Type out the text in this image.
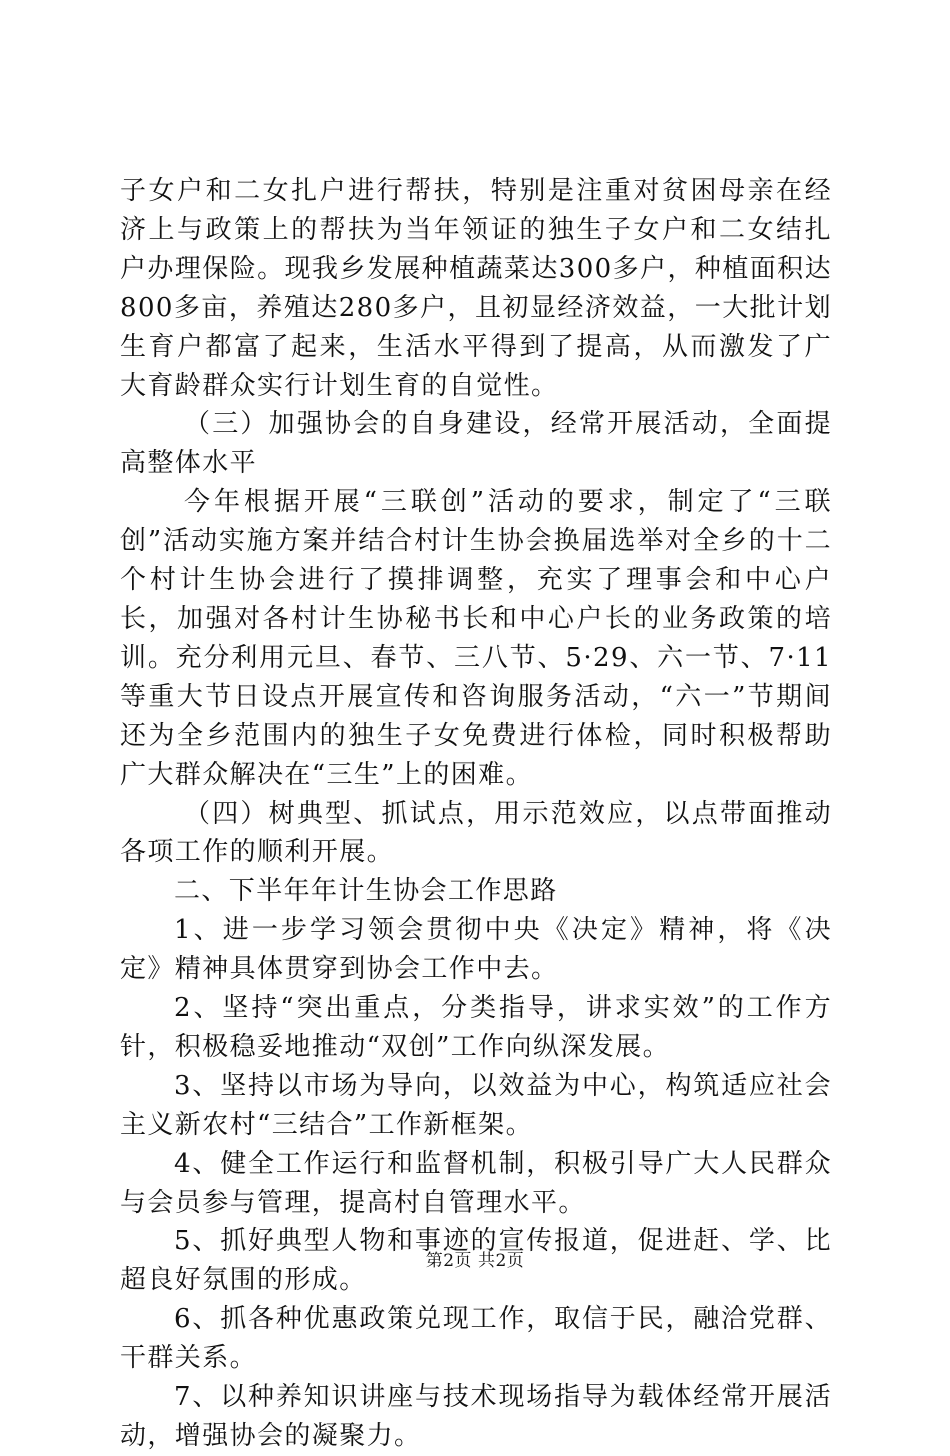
子女户和二女扎户进行帮扶，特别是注重对贫困母亲在经济上与政策上的帮扶为当年领证的独生子女户和二女结扎户办理保险。现我乡发展种植蔬菜达300多户，种植面积达800多亩，养殖达280多户，且初显经济效益，一大批计划生育户都富了起来，生活水平得到了提高，从而激发了广大育龄群众实行计划生育的自觉性。

（三）加强协会的自身建设，经常开展活动，全面提高整体水平

今年根据开展“三联创”活动的要求，制定了“三联创”活动实施方案并结合村计生协会换届选举对全乡的十二个村计生协会进行了摸排调整，充实了理事会和中心户长，加强对各村计生协秘书长和中心户长的业务政策的培训。充分利用元旦、春节、三八节、5·29、六一节、7·11等重大节日设点开展宣传和咨询服务活动，“六一”节期间还为全乡范围内的独生子女免费进行体检，同时积极帮助广大群众解决在“三生”上的困难。

（四）树典型、抓试点，用示范效应，以点带面推动各项工作的顺利开展。

二、下半年年计生协会工作思路

1、进一步学习领会贯彻中央《决定》精神，将《决定》精神具体贯穿到协会工作中去。

2、坚持“突出重点，分类指导，讲求实效”的工作方针，积极稳妥地推动“双创”工作向纵深发展。

3、坚持以市场为导向，以效益为中心，构筑适应社会主义新农村“三结合”工作新框架。

4、健全工作运行和监督机制，积极引导广大人民群众与会员参与管理，提高村自管理水平。

5、抓好典型人物和事迹的宣传报道，促进赶、学、比超良好氛围的形成。

6、抓各种优惠政策兑现工作，取信于民，融洽党群、干群关系。

7、以种养知识讲座与技术现场指导为载体经常开展活动，增强协会的凝聚力。

第2页 共2页
